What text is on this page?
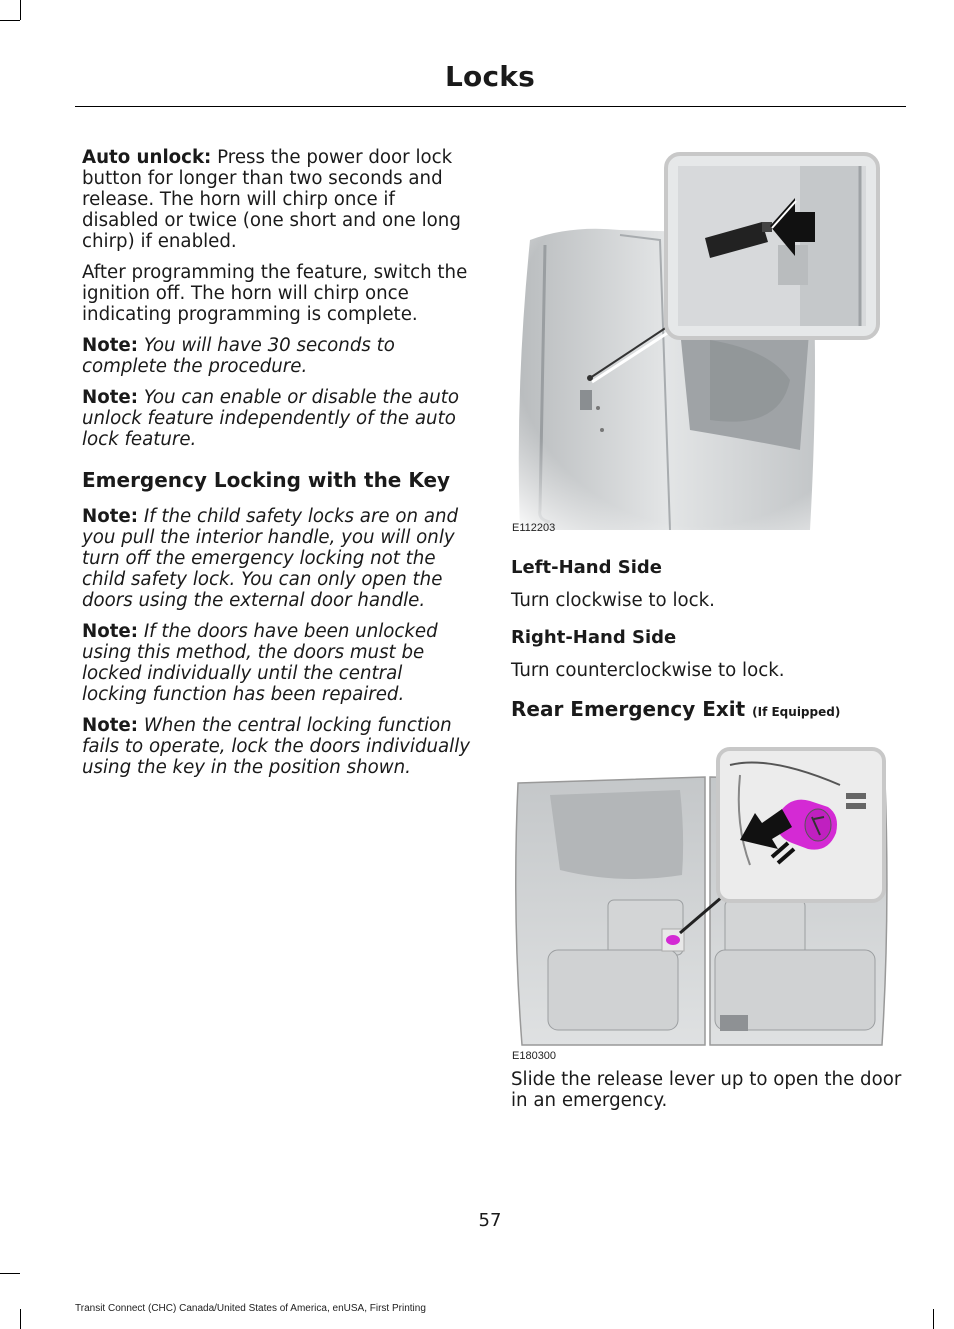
Locks

Auto unlock: Press the power door lock button for longer than two seconds and release. The horn will chirp once if disabled or twice (one short and one long chirp) if enabled.

After programming the feature, switch the ignition off. The horn will chirp once indicating programming is complete.

Note: You will have 30 seconds to complete the procedure.

Note: You can enable or disable the auto unlock feature independently of the auto lock feature.

Emergency Locking with the Key

Note: If the child safety locks are on and you pull the interior handle, you will only turn off the emergency locking not the child safety lock. You can only open the doors using the external door handle.

Note: If the doors have been unlocked using this method, the doors must be locked individually until the central locking function has been repaired.

Note: When the central locking function fails to operate, lock the doors individually using the key in the position shown.

E112203
Left-Hand Side

Turn clockwise to lock.

Right-Hand Side

Turn counterclockwise to lock.

Rear Emergency Exit (If Equipped)
E180300

Slide the release lever up to open the door in an emergency.

57
Transit Connect (CHC) Canada/United States of America, enUSA, First Printing
